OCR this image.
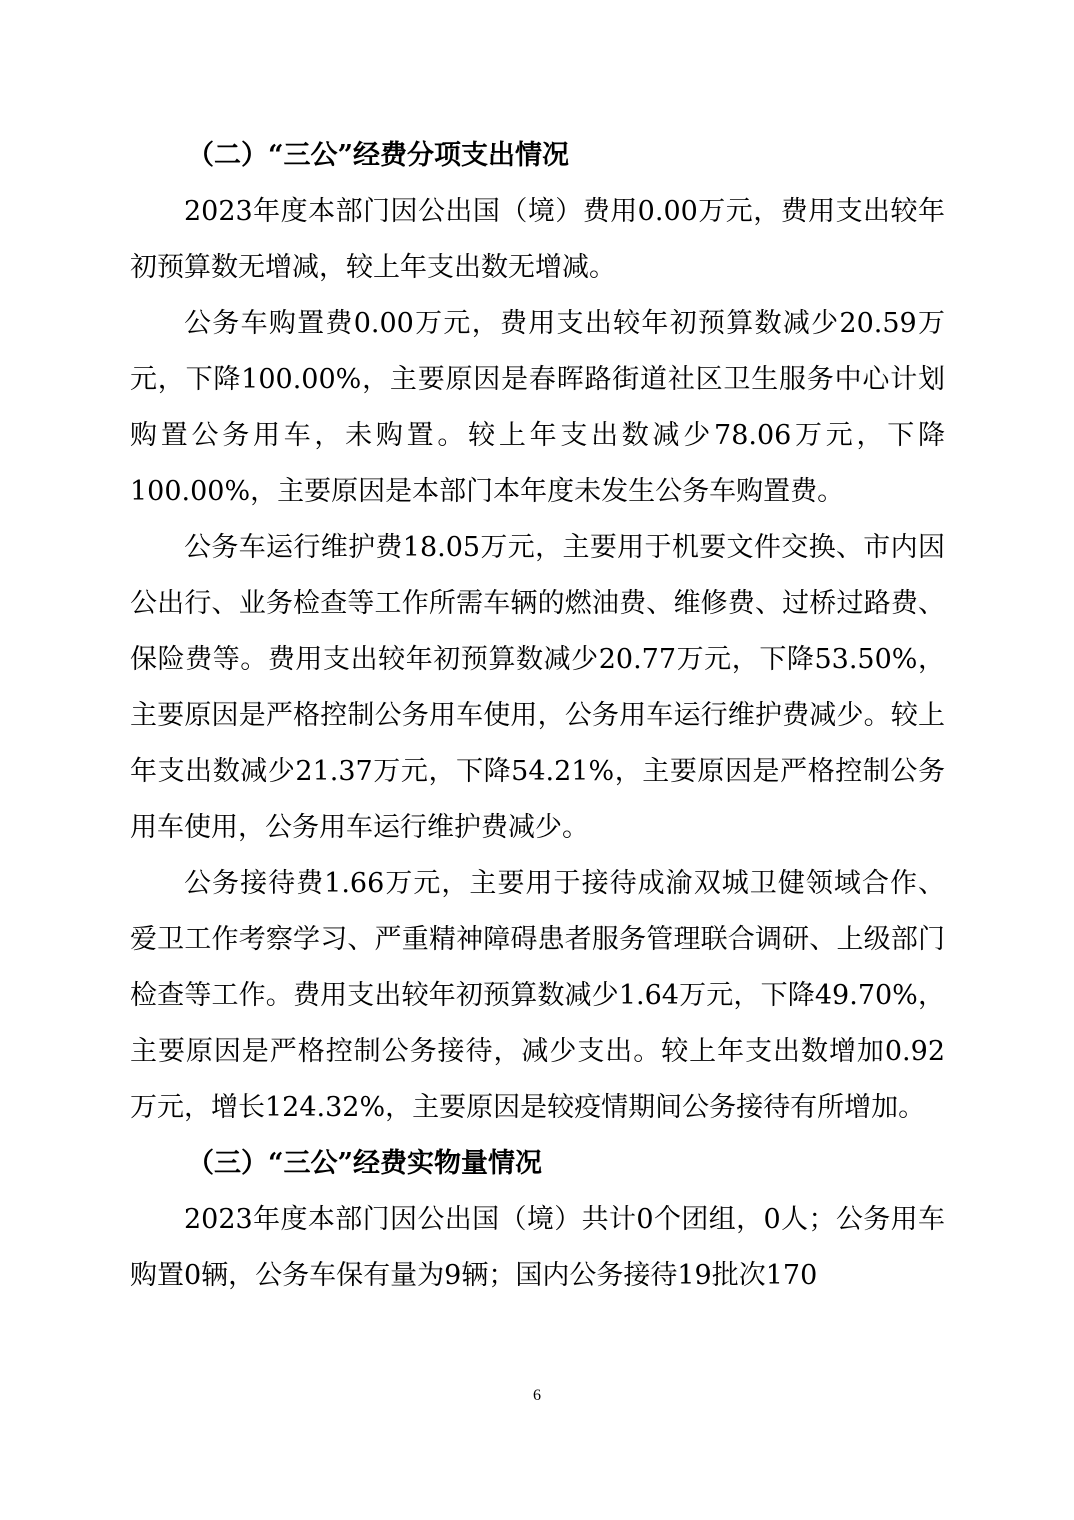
（二）“三公”经费分项支出情况

2023年度本部门因公出国（境）费用0.00万元，费用支出较年初预算数无增减，较上年支出数无增减。

公务车购置费0.00万元，费用支出较年初预算数减少20.59万元，下降100.00%，主要原因是春晖路街道社区卫生服务中心计划购置公务用车，未购置。较上年支出数减少78.06万元，下降100.00%，主要原因是本部门本年度未发生公务车购置费。

公务车运行维护费18.05万元，主要用于机要文件交换、市内因公出行、业务检查等工作所需车辆的燃油费、维修费、过桥过路费、保险费等。费用支出较年初预算数减少20.77万元，下降53.50%，主要原因是严格控制公务用车使用，公务用车运行维护费减少。较上年支出数减少21.37万元，下降54.21%，主要原因是严格控制公务用车使用，公务用车运行维护费减少。

公务接待费1.66万元，主要用于接待成渝双城卫健领域合作、爱卫工作考察学习、严重精神障碍患者服务管理联合调研、上级部门检查等工作。费用支出较年初预算数减少1.64万元，下降49.70%，主要原因是严格控制公务接待，减少支出。较上年支出数增加0.92万元，增长124.32%，主要原因是较疫情期间公务接待有所增加。

（三）“三公”经费实物量情况

2023年度本部门因公出国（境）共计0个团组，0人；公务用车购置0辆，公务车保有量为9辆；国内公务接待19批次170

6
